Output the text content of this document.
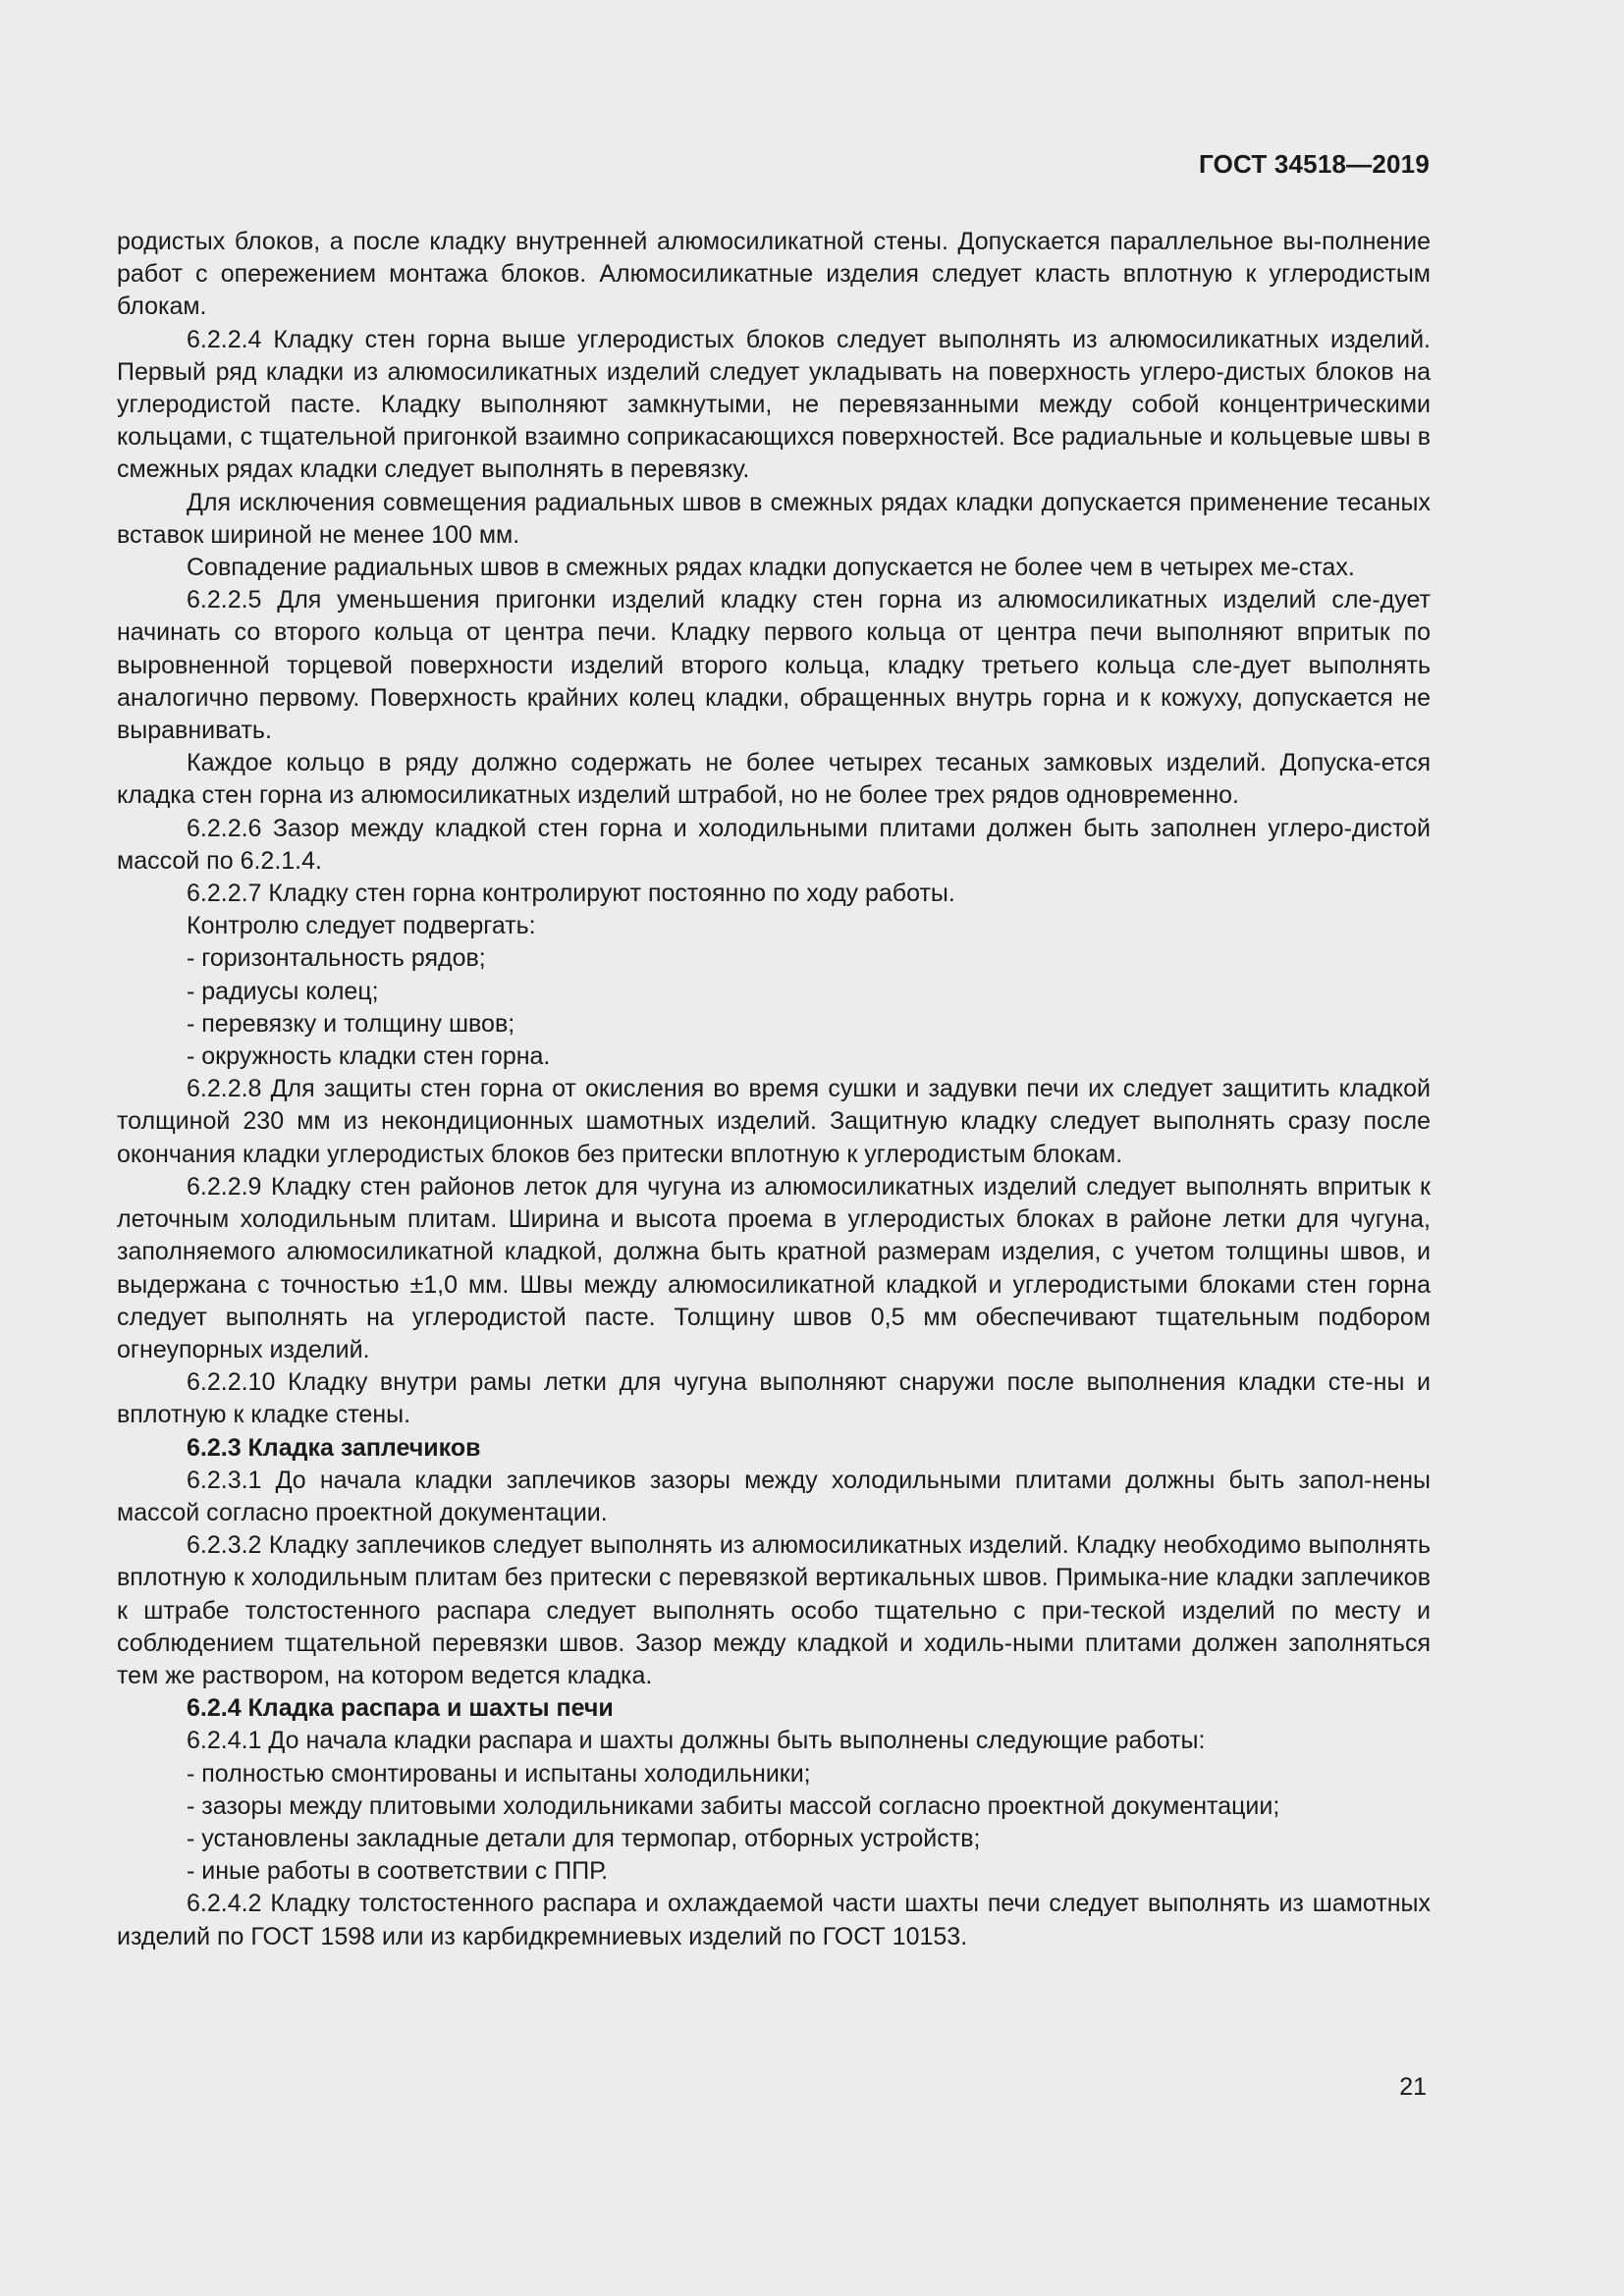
ГОСТ 34518—2019

родистых блоков, а после кладку внутренней алюмосиликатной стены. Допускается параллельное вы-полнение работ с опережением монтажа блоков. Алюмосиликатные изделия следует класть вплотную к углеродистым блокам.

6.2.2.4 Кладку стен горна выше углеродистых блоков следует выполнять из алюмосиликатных изделий. Первый ряд кладки из алюмосиликатных изделий следует укладывать на поверхность углеро-дистых блоков на углеродистой пасте. Кладку выполняют замкнутыми, не перевязанными между собой концентрическими кольцами, с тщательной пригонкой взаимно соприкасающихся поверхностей. Все радиальные и кольцевые швы в смежных рядах кладки следует выполнять в перевязку.

Для исключения совмещения радиальных швов в смежных рядах кладки допускается применение тесаных вставок шириной не менее 100 мм.

Совпадение радиальных швов в смежных рядах кладки допускается не более чем в четырех ме-стах.

6.2.2.5 Для уменьшения пригонки изделий кладку стен горна из алюмосиликатных изделий сле-дует начинать со второго кольца от центра печи. Кладку первого кольца от центра печи выполняют впритык по выровненной торцевой поверхности изделий второго кольца, кладку третьего кольца сле-дует выполнять аналогично первому. Поверхность крайних колец кладки, обращенных внутрь горна и к кожуху, допускается не выравнивать.

Каждое кольцо в ряду должно содержать не более четырех тесаных замковых изделий. Допуска-ется кладка стен горна из алюмосиликатных изделий штрабой, но не более трех рядов одновременно.

6.2.2.6 Зазор между кладкой стен горна и холодильными плитами должен быть заполнен углеро-дистой массой по 6.2.1.4.

6.2.2.7 Кладку стен горна контролируют постоянно по ходу работы.

Контролю следует подвергать:

- горизонтальность рядов;

- радиусы колец;

- перевязку и толщину швов;

- окружность кладки стен горна.

6.2.2.8 Для защиты стен горна от окисления во время сушки и задувки печи их следует защитить кладкой толщиной 230 мм из некондиционных шамотных изделий. Защитную кладку следует выполнять сразу после окончания кладки углеродистых блоков без притески вплотную к углеродистым блокам.

6.2.2.9 Кладку стен районов леток для чугуна из алюмосиликатных изделий следует выполнять впритык к леточным холодильным плитам. Ширина и высота проема в углеродистых блоках в районе летки для чугуна, заполняемого алюмосиликатной кладкой, должна быть кратной размерам изделия, с учетом толщины швов, и выдержана с точностью ±1,0 мм. Швы между алюмосиликатной кладкой и углеродистыми блоками стен горна следует выполнять на углеродистой пасте. Толщину швов 0,5 мм обеспечивают тщательным подбором огнеупорных изделий.

6.2.2.10 Кладку внутри рамы летки для чугуна выполняют снаружи после выполнения кладки сте-ны и вплотную к кладке стены.

6.2.3 Кладка заплечиков

6.2.3.1 До начала кладки заплечиков зазоры между холодильными плитами должны быть запол-нены массой согласно проектной документации.

6.2.3.2 Кладку заплечиков следует выполнять из алюмосиликатных изделий. Кладку необходимо выполнять вплотную к холодильным плитам без притески с перевязкой вертикальных швов. Примыка-ние кладки заплечиков к штрабе толстостенного распара следует выполнять особо тщательно с при-теской изделий по месту и соблюдением тщательной перевязки швов. Зазор между кладкой и ходиль-ными плитами должен заполняться тем же раствором, на котором ведется кладка.

6.2.4 Кладка распара и шахты печи

6.2.4.1 До начала кладки распара и шахты должны быть выполнены следующие работы:

- полностью смонтированы и испытаны холодильники;

- зазоры между плитовыми холодильниками забиты массой согласно проектной документации;

- установлены закладные детали для термопар, отборных устройств;

- иные работы в соответствии с ППР.

6.2.4.2 Кладку толстостенного распара и охлаждаемой части шахты печи следует выполнять из шамотных изделий по ГОСТ 1598 или из карбидкремниевых изделий по ГОСТ 10153.

21
